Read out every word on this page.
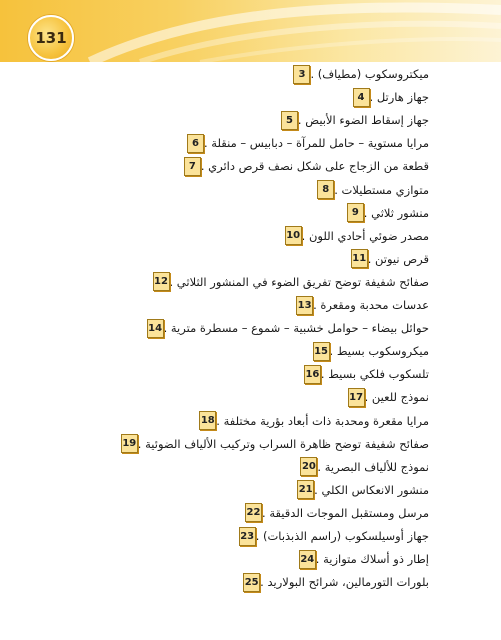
131
3 ميكتروسكوب (مطياف) .
4 جهاز هارتل .
5 جهاز إسقاط الضوء الأبيض .
6 مرايا مستوية – حامل للمرآة – دبابيس – منقلة .
7 قطعة من الزجاج على شكل نصف قرص دائري .
8 متوازي مستطيلات .
9 منشور ثلاثي .
10 مصدر ضوئي أحادي اللون .
11 قرص نيوتن .
12 صفائح شفيفة توضح تفريق الضوء في المنشور الثلاثي .
13 عدسات محدبة ومقعرة .
14 حوائل بيضاء – حوامل خشبية – شموع – مسطرة مترية .
15 ميكروسكوب بسيط .
16 تلسكوب فلكي بسيط .
17 نموذج للعين .
18 مرايا مقعرة ومحدبة ذات أبعاد بؤرية مختلفة .
19 صفائح شفيفة توضح ظاهرة السراب وتركيب الألياف الضوئية .
20 نموذج للألياف البصرية .
21 منشور الانعكاس الكلي .
22 مرسل ومستقبل الموجات الدقيقة .
23 جهاز أوسيلسكوب (راسم الذبذبات) .
24 إطار ذو أسلاك متوازية .
25 بلورات التورمالين، شرائح البولاريد .
